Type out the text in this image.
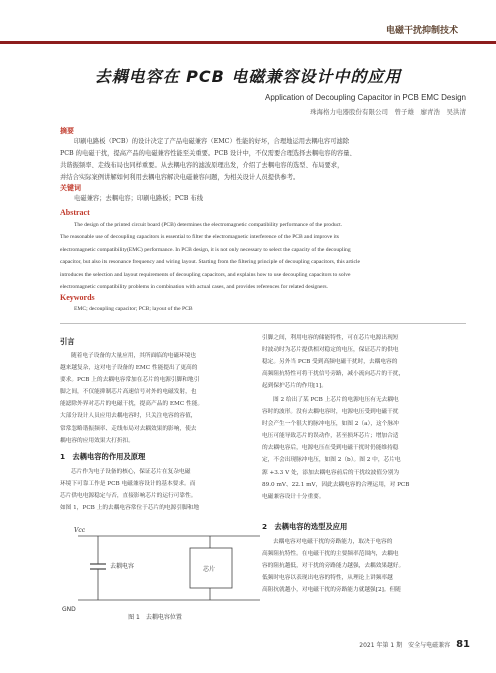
电磁干扰抑制技术
去耦电容在 PCB 电磁兼容设计中的应用
Application of Decoupling Capacitor in PCB EMC Design
珠海格力电器股份有限公司　曾子雄　廖青浩　吴洪清
摘要
印刷电路板（PCB）的设计决定了产品电磁兼容（EMC）性能的好坏，合理地运用去耦电容可滤除
PCB 的电磁干扰，提高产品的电磁兼容性能至关重要。PCB 设计中，不仅需要合理选择去耦电容的容量、
共谐振频率、走线布局也同样重要。从去耦电容的滤波原理出发，介绍了去耦电容的选型、布局要求，
并结合实际案例讲解如何利用去耦电容解决电磁兼容问题，为相关设计人员提供参考。
关键词
电磁兼容；去耦电容；印刷电路板；PCB 布线
Abstract
The design of the printed circuit board (PCB) determines the electromagnetic compatibility performance of the product.
The reasonable use of decoupling capacitors is essential to filter the electromagnetic interference of the PCB and improve its
electromagnetic compatibility(EMC) performance. In PCB design, it is not only necessary to select the capacity of the decoupling
capacitor, but also its resonance frequency and wiring layout. Starting from the filtering principle of decoupling capacitors, this article
introduces the selection and layout requirements of decoupling capacitors, and explains how to use decoupling capacitors to solve
electromagnetic compatibility problems in combination with actual cases, and provides references for related designers.
Keywords
EMC; decoupling capacitor; PCB; layout of the PCB
引言
随着电子设备的大量应用，其所面临的电磁环境也
越来越复杂，这对电子设备的 EMC 性能提出了更高的
要求。PCB 上的去耦电容常加在芯片的电源引脚和地引
脚之间，不仅能抑制芯片高速信号对外的电磁发射，也
能滤除外界对芯片的电磁干扰，提高产品的 EMC 性能。
大部分设计人员应用去耦电容时，只关注电容的容值，
常常忽略谐振频率、走线布局对去耦效果的影响，使去
耦电容的应用效果大打折扣。
1　去耦电容的作用及原理
芯片作为电子设备的核心，保证芯片在复杂电磁
环境下可靠工作是 PCB 电磁兼容设计的基本要求。而
芯片供电电源稳定与否，直接影响芯片的运行可靠性。
如图 1，PCB 上的去耦电容常位于芯片的电源引脚和地
Vcc
去耦电容	芯片
GND
图 1　去耦电容位置
引脚之间，利用电容的储能特性，可在芯片电源出现短
时波动时为芯片提供相对稳定的电压，保证芯片的供电
稳定。另外当 PCB 受到高频电磁干扰时，去耦电容的
高频阻抗特性可将干扰信号旁路，减小流向芯片的干扰，
起到保护芯片的作用[1]。
图 2 给出了某 PCB 上芯片的电源电压有无去耦电
容时的波形。没有去耦电容时，电源电压受到电磁干扰
时会产生一个很大的脉冲电压，如图 2（a），这个脉冲
电压可能导致芯片的误动作，甚至损坏芯片；增加合适
的去耦电容后，电源电压在受到电磁干扰时仍能维持稳
定，不会出现脉冲电压，如图 2（b）。图 2 中，芯片电
源 +3.3 V 处，添加去耦电容前后的干扰纹波值分别为
89.0 mV、22.1 mV，因此去耦电容的合理运用，对 PCB
电磁兼容设计十分重要。
2　去耦电容的选型及应用
去耦电容对电磁干扰的旁路能力，取决于电容的
高频阻抗特性。在电磁干扰的主要频率范围内，去耦电
容的阻抗越低，对干扰的旁路能力越强，去耦效果越好。
低频时电容以表现出电容的特性，从理论上讲频率越
高阻抗就越小，对电磁干扰的旁路能力就越强[2]。但随
2021 年第 1 期　安全与电磁兼容 81
